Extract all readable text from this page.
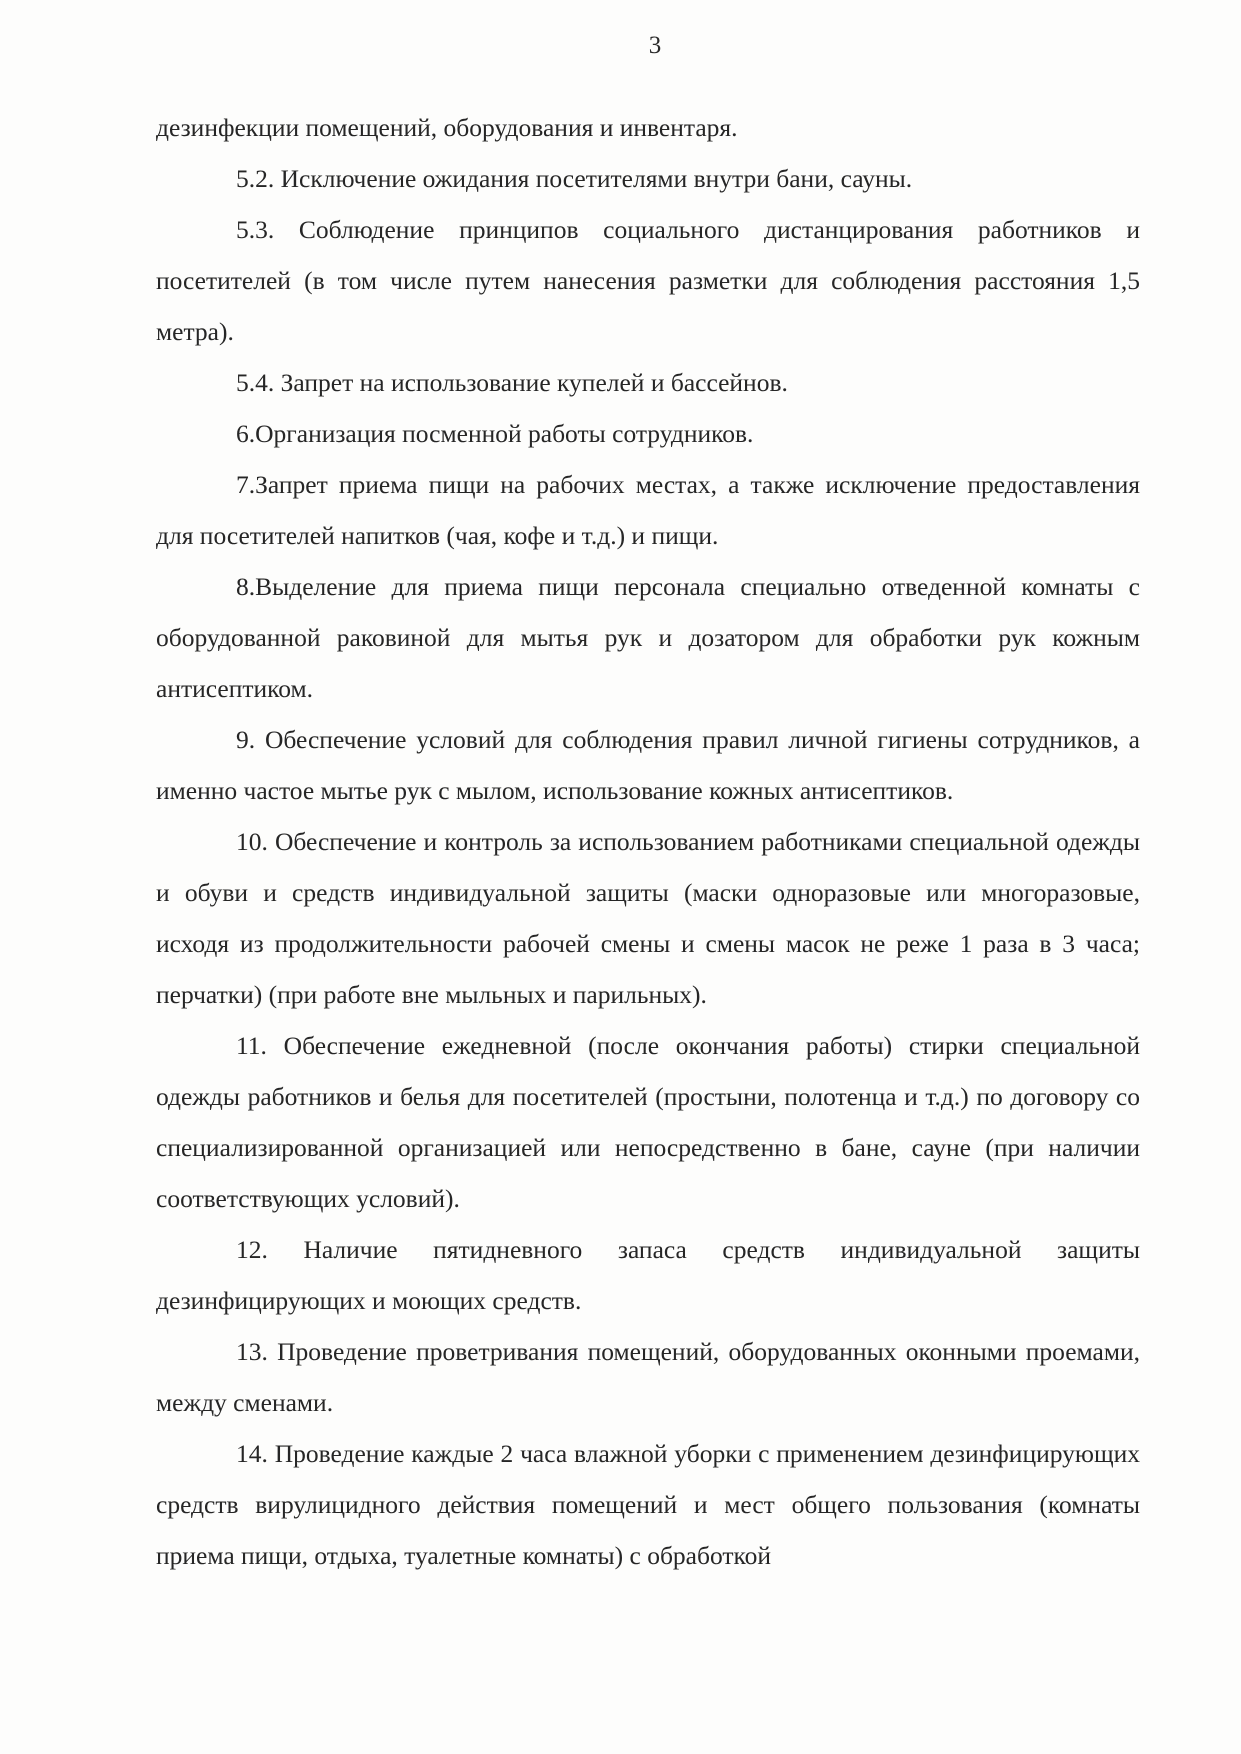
3

дезинфекции помещений, оборудования и инвентаря.

5.2. Исключение ожидания посетителями внутри бани, сауны.

5.3. Соблюдение принципов социального дистанцирования работников и посетителей (в том числе путем нанесения разметки для соблюдения расстояния 1,5 метра).

5.4. Запрет на использование купелей и бассейнов.

6.Организация посменной работы сотрудников.

7.Запрет приема пищи на рабочих местах, а также исключение предоставления для посетителей напитков (чая, кофе и т.д.) и пищи.

8.Выделение для приема пищи персонала специально отведенной комнаты с оборудованной раковиной для мытья рук и дозатором для обработки рук кожным антисептиком.

9. Обеспечение условий для соблюдения правил личной гигиены сотрудников, а именно частое мытье рук с мылом, использование кожных антисептиков.

10. Обеспечение и контроль за использованием работниками специальной одежды и обуви и средств индивидуальной защиты (маски одноразовые или многоразовые, исходя из продолжительности рабочей смены и смены масок не реже 1 раза в 3 часа; перчатки) (при работе вне мыльных и парильных).

11. Обеспечение ежедневной (после окончания работы) стирки специальной одежды работников и белья для посетителей (простыни, полотенца и т.д.) по договору со специализированной организацией или непосредственно в бане, сауне (при наличии соответствующих условий).

12. Наличие пятидневного запаса средств индивидуальной защиты дезинфицирующих и моющих средств.

13. Проведение проветривания помещений, оборудованных оконными проемами, между сменами.

14. Проведение каждые 2 часа влажной уборки с применением дезинфицирующих средств вирулицидного действия помещений и мест общего пользования (комнаты приема пищи, отдыха, туалетные комнаты) с обработкой
